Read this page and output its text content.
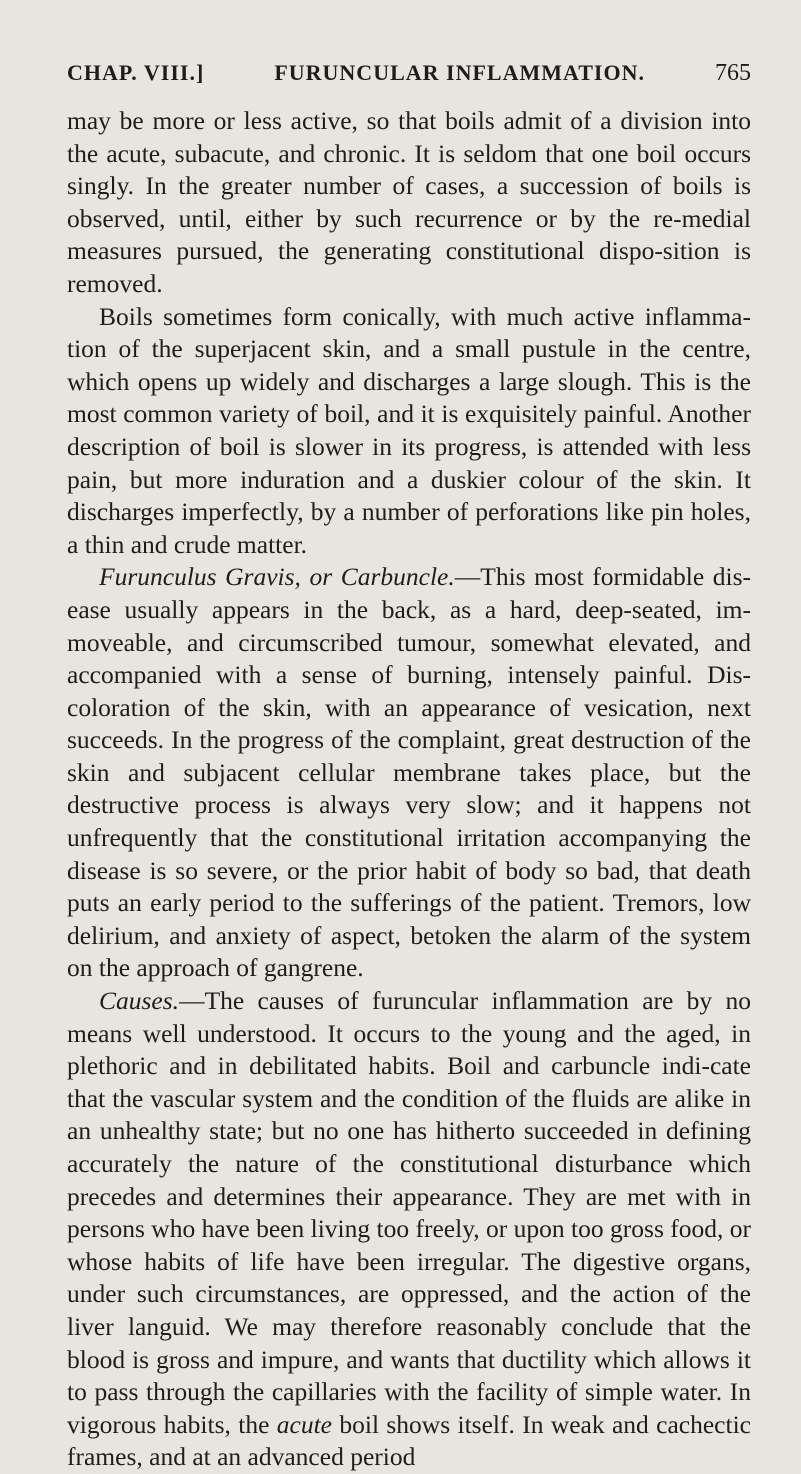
CHAP. VIII.]	FURUNCULAR INFLAMMATION.	765
may be more or less active, so that boils admit of a division into the acute, subacute, and chronic. It is seldom that one boil occurs singly. In the greater number of cases, a succession of boils is observed, until, either by such recurrence or by the re-medial measures pursued, the generating constitutional dispo-sition is removed.
Boils sometimes form conically, with much active inflamma-tion of the superjacent skin, and a small pustule in the centre, which opens up widely and discharges a large slough. This is the most common variety of boil, and it is exquisitely painful. Another description of boil is slower in its progress, is attended with less pain, but more induration and a duskier colour of the skin. It discharges imperfectly, by a number of perforations like pin holes, a thin and crude matter.
Furunculus Gravis, or Carbuncle.—This most formidable dis-ease usually appears in the back, as a hard, deep-seated, im-moveable, and circumscribed tumour, somewhat elevated, and accompanied with a sense of burning, intensely painful. Dis-coloration of the skin, with an appearance of vesication, next succeeds. In the progress of the complaint, great destruction of the skin and subjacent cellular membrane takes place, but the destructive process is always very slow; and it happens not unfrequently that the constitutional irritation accompanying the disease is so severe, or the prior habit of body so bad, that death puts an early period to the sufferings of the patient. Tremors, low delirium, and anxiety of aspect, betoken the alarm of the system on the approach of gangrene.
Causes.—The causes of furuncular inflammation are by no means well understood. It occurs to the young and the aged, in plethoric and in debilitated habits. Boil and carbuncle indi-cate that the vascular system and the condition of the fluids are alike in an unhealthy state; but no one has hitherto succeeded in defining accurately the nature of the constitutional disturbance which precedes and determines their appearance. They are met with in persons who have been living too freely, or upon too gross food, or whose habits of life have been irregular. The digestive organs, under such circumstances, are oppressed, and the action of the liver languid. We may therefore reasonably conclude that the blood is gross and impure, and wants that ductility which allows it to pass through the capillaries with the facility of simple water. In vigorous habits, the acute boil shows itself. In weak and cachectic frames, and at an advanced period
